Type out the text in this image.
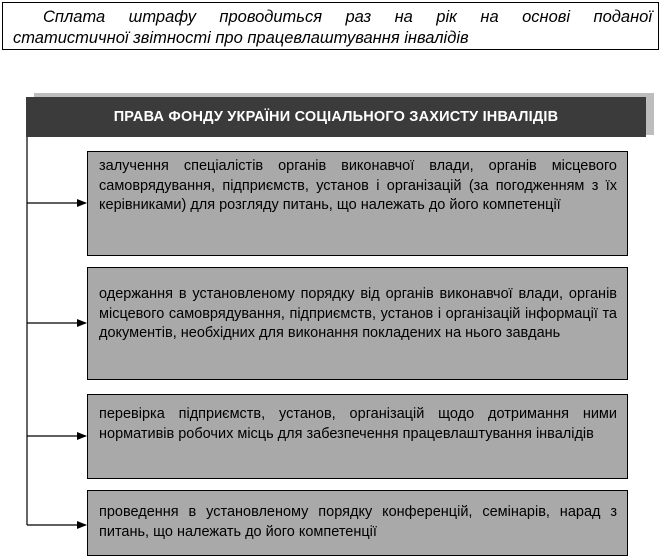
Сплата штрафу проводиться раз на рік на основі поданої
статистичної звітності про працевлаштування інвалідів
ПРАВА ФОНДУ УКРАЇНИ СОЦІАЛЬНОГО ЗАХИСТУ ІНВАЛІДІВ
залучення спеціалістів органів виконавчої влади, органів місцевого самоврядування, підприємств, установ і організацій (за погодженням з їх керівниками) для розгляду питань, що належать до його компетенції
одержання в установленому порядку від органів виконавчої влади, органів місцевого самоврядування, підприємств, установ і організацій інформації та документів, необхідних для виконання покладених на нього завдань
перевірка підприємств, установ, організацій щодо дотримання ними нормативів робочих місць для забезпечення працевлаштування інвалідів
проведення в установленому порядку конференцій, семінарів, нарад з питань, що належать до його компетенції
